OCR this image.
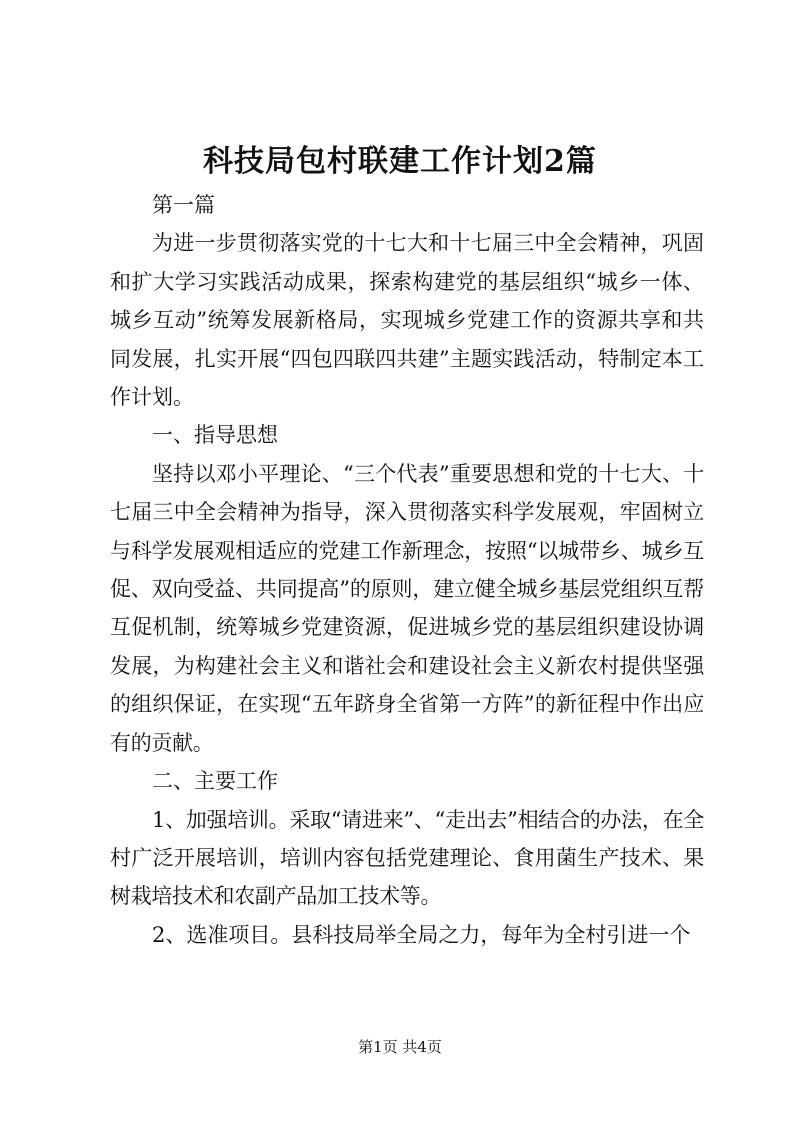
科技局包村联建工作计划2篇

第一篇

为进一步贯彻落实党的十七大和十七届三中全会精神，巩固和扩大学习实践活动成果，探索构建党的基层组织“城乡一体、城乡互动”统筹发展新格局，实现城乡党建工作的资源共享和共同发展，扎实开展“四包四联四共建”主题实践活动，特制定本工作计划。

一、指导思想

坚持以邓小平理论、“三个代表”重要思想和党的十七大、十七届三中全会精神为指导，深入贯彻落实科学发展观，牢固树立与科学发展观相适应的党建工作新理念，按照“以城带乡、城乡互促、双向受益、共同提高”的原则，建立健全城乡基层党组织互帮互促机制，统筹城乡党建资源，促进城乡党的基层组织建设协调发展，为构建社会主义和谐社会和建设社会主义新农村提供坚强的组织保证，在实现“五年跻身全省第一方阵”的新征程中作出应有的贡献。

二、主要工作

1、加强培训。采取“请进来”、“走出去”相结合的办法，在全村广泛开展培训，培训内容包括党建理论、食用菌生产技术、果树栽培技术和农副产品加工技术等。

2、选准项目。县科技局举全局之力，每年为全村引进一个

第1页 共4页
